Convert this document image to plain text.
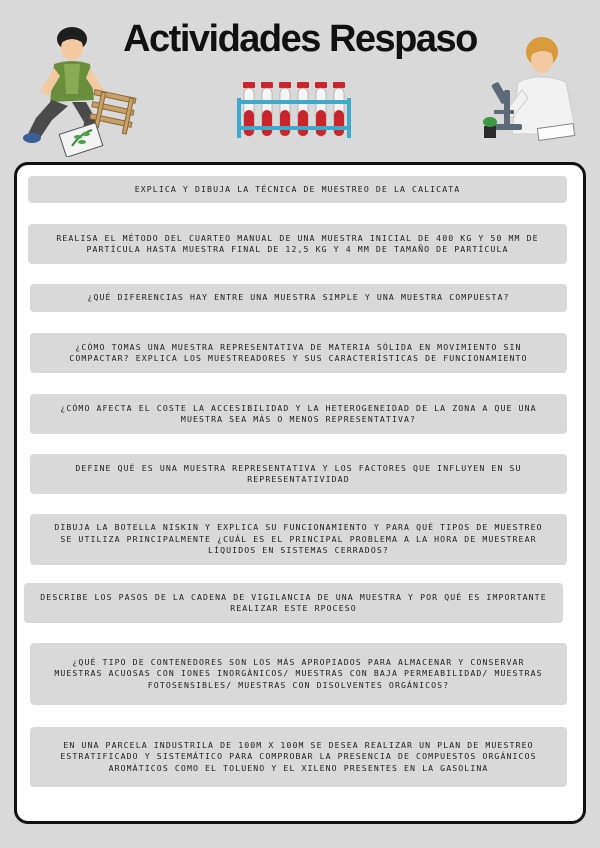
Actividades Respaso
EXPLICA Y DIBUJA LA TÉCNICA DE MUESTREO DE LA CALICATA
REALISA EL MÉTODO DEL CUARTEO MANUAL DE UNA MUESTRA INICIAL DE 400 KG Y 50 MM DE PARTÍCULA HASTA MUESTRA FINAL DE 12,5 KG Y 4 MM DE TAMAÑO DE PARTÍCULA
¿QUÉ DIFERENCIAS HAY ENTRE UNA MUESTRA SIMPLE Y UNA MUESTRA COMPUESTA?
¿CÓMO TOMAS UNA MUESTRA REPRESENTATIVA DE MATERIA SÓLIDA EN MOVIMIENTO SIN COMPACTAR? EXPLICA LOS MUESTREADORES Y SUS CARACTERÍSTICAS DE FUNCIONAMIENTO
¿CÓMO AFECTA EL COSTE LA ACCESIBILIDAD Y LA HETEROGENEIDAD DE LA ZONA A QUE UNA MUESTRA SEA MÁS O MENOS REPRESENTATIVA?
DEFINE QUÉ ES UNA MUESTRA REPRESENTATIVA Y LOS FACTORES QUE INFLUYEN EN SU REPRESENTATIVIDAD
DIBUJA LA BOTELLA NISKIN Y EXPLICA SU FUNCIONAMIENTO Y PARA QUÉ TIPOS DE MUESTREO SE UTILIZA PRINCIPALMENTE ¿CUÁL ES EL PRINCIPAL PROBLEMA A LA HORA DE MUESTREAR LÍQUIDOS EN SISTEMAS CERRADOS?
DESCRIBE LOS PASOS DE LA CADENA DE VIGILANCIA DE UNA MUESTRA Y POR QUÉ ES IMPORTANTE REALIZAR ESTE RPOCESO
¿QUÉ TIPO DE CONTENEDORES SON LOS MÁS APROPIADOS PARA ALMACENAR Y CONSERVAR MUESTRAS ACUOSAS CON IONES INORGÁNICOS/ MUESTRAS CON BAJA PERMEABILIDAD/ MUESTRAS FOTOSENSIBLES/ MUESTRAS CON DISOLVENTES ORGÁNICOS?
EN UNA PARCELA INDUSTRILA DE 100M X 100M SE DESEA REALIZAR UN PLAN DE MUESTREO ESTRATIFICADO Y SISTEMÁTICO PARA COMPROBAR LA PRESENCIA DE COMPUESTOS ORGÁNICOS AROMÁTICOS COMO EL TOLUENO Y EL XILENO PRESENTES EN LA GASOLINA
